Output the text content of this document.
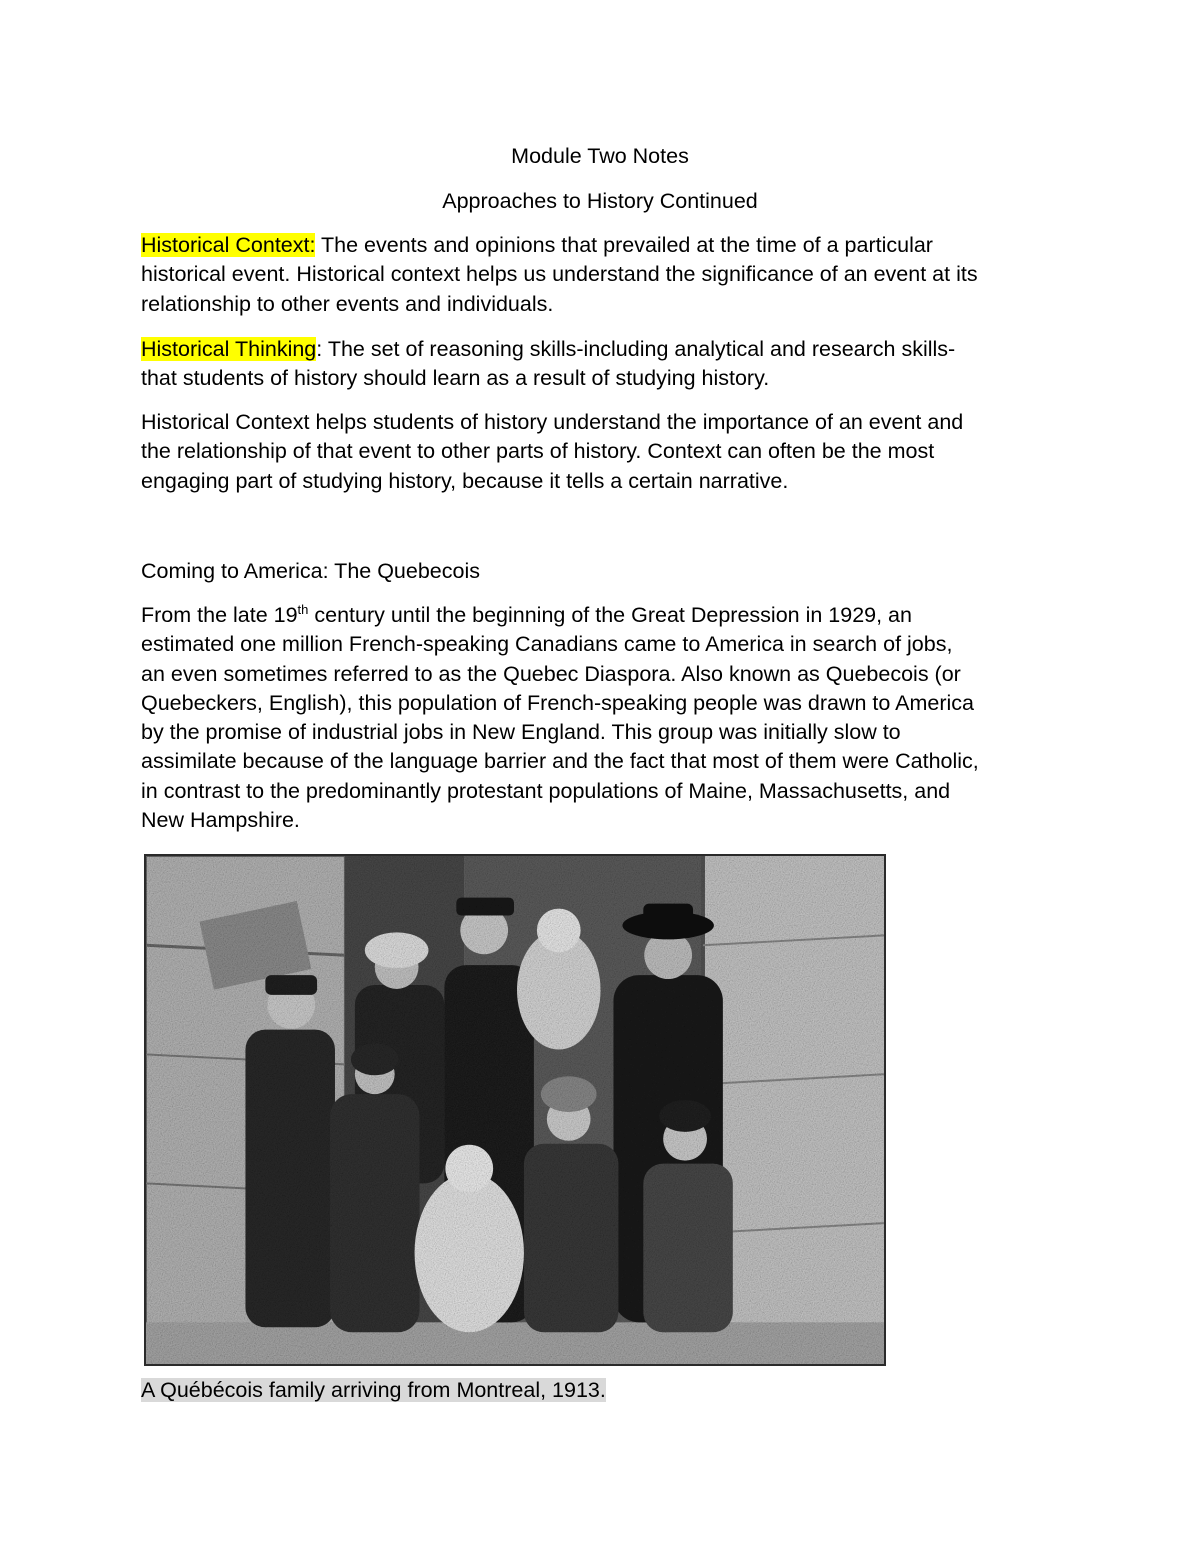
Module Two Notes

Approaches to History Continued

Historical Context: The events and opinions that prevailed at the time of a particular
historical event. Historical context helps us understand the significance of an event at its
relationship to other events and individuals.
Historical Thinking: The set of reasoning skills-including analytical and research skills-
that students of history should learn as a result of studying history.
Historical Context helps students of history understand the importance of an event and
the relationship of that event to other parts of history. Context can often be the most
engaging part of studying history, because it tells a certain narrative.

Coming to America: The Quebecois

From the late 19th century until the beginning of the Great Depression in 1929, an
estimated one million French-speaking Canadians came to America in search of jobs,
an even sometimes referred to as the Quebec Diaspora. Also known as Quebecois (or
Quebeckers, English), this population of French-speaking people was drawn to America
by the promise of industrial jobs in New England. This group was initially slow to
assimilate because of the language barrier and the fact that most of them were Catholic,
in contrast to the predominantly protestant populations of Maine, Massachusetts, and
New Hampshire.

A Québécois family arriving from Montreal, 1913.
